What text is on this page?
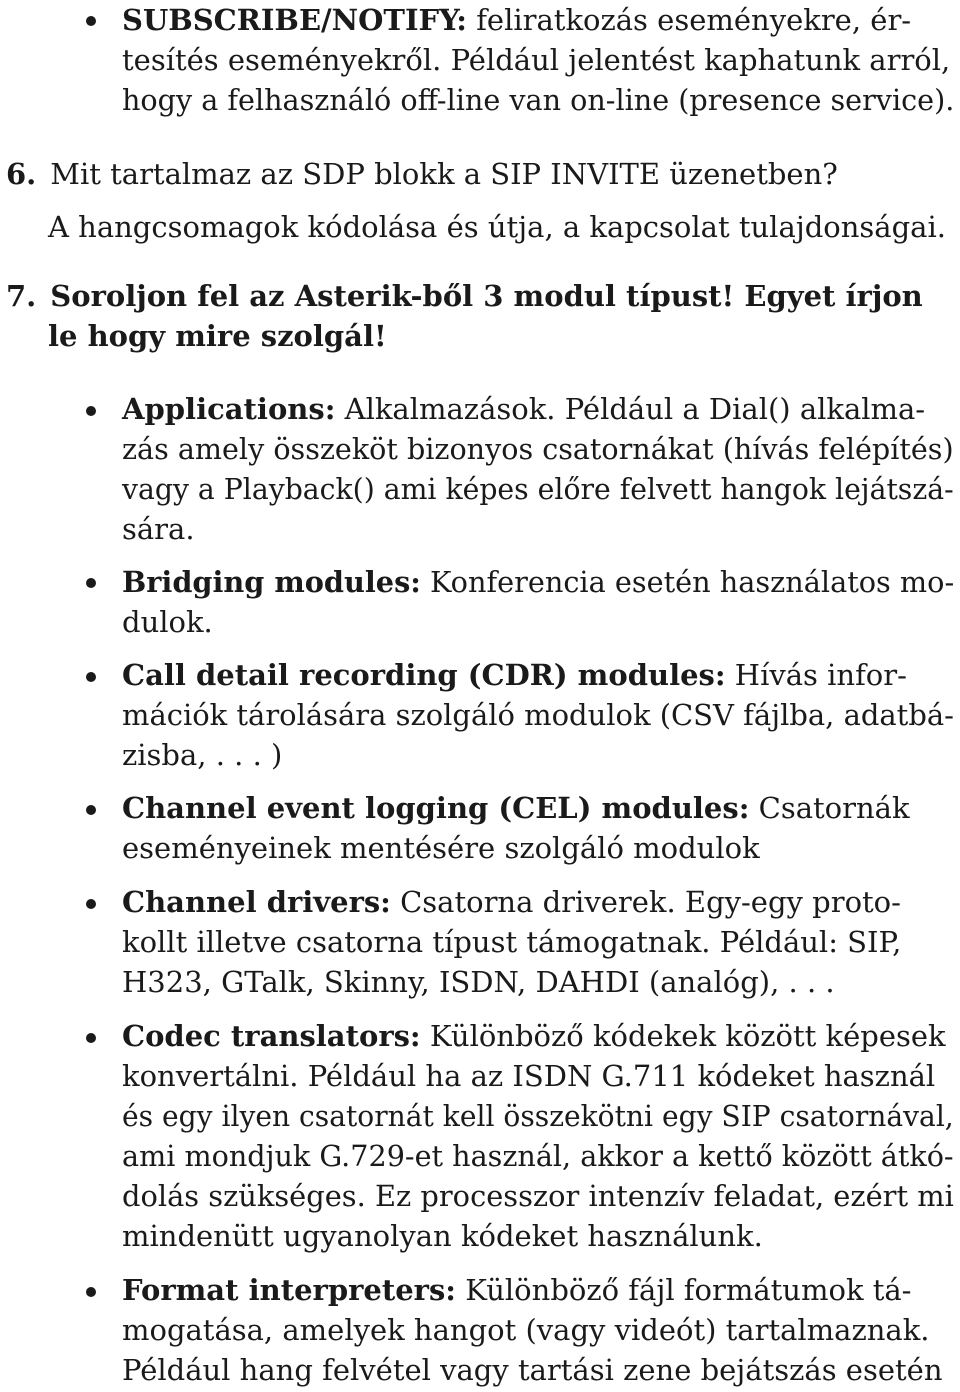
SUBSCRIBE/NOTIFY: feliratkozás eseményekre, ér-
tesítés eseményekről. Például jelentést kaphatunk arról,
hogy a felhasználó off-line van on-line (presence service).
6. Mit tartalmaz az SDP blokk a SIP INVITE üzenetben?
A hangcsomagok kódolása és útja, a kapcsolat tulajdonságai.
7. Soroljon fel az Asterik-ből 3 modul típust! Egyet írjon
le hogy mire szolgál!
Applications: Alkalmazások. Például a Dial() alkalma-
zás amely összeköt bizonyos csatornákat (hívás felépítés)
vagy a Playback() ami képes előre felvett hangok lejátszá-
sára.
Bridging modules: Konferencia esetén használatos mo-
dulok.
Call detail recording (CDR) modules: Hívás infor-
mációk tárolására szolgáló modulok (CSV fájlba, adatbá-
zisba, . . . )
Channel event logging (CEL) modules: Csatornák
eseményeinek mentésére szolgáló modulok
Channel drivers: Csatorna driverek. Egy-egy proto-
kollt illetve csatorna típust támogatnak. Például: SIP,
H323, GTalk, Skinny, ISDN, DAHDI (analóg), . . .
Codec translators: Különböző kódekek között képesek
konvertálni. Például ha az ISDN G.711 kódeket használ
és egy ilyen csatornát kell összekötni egy SIP csatornával,
ami mondjuk G.729-et használ, akkor a kettő között átkó-
dolás szükséges. Ez processzor intenzív feladat, ezért mi
mindenütt ugyanolyan kódeket használunk.
Format interpreters: Különböző fájl formátumok tá-
mogatása, amelyek hangot (vagy videót) tartalmaznak.
Például hang felvétel vagy tartási zene bejátszás esetén
